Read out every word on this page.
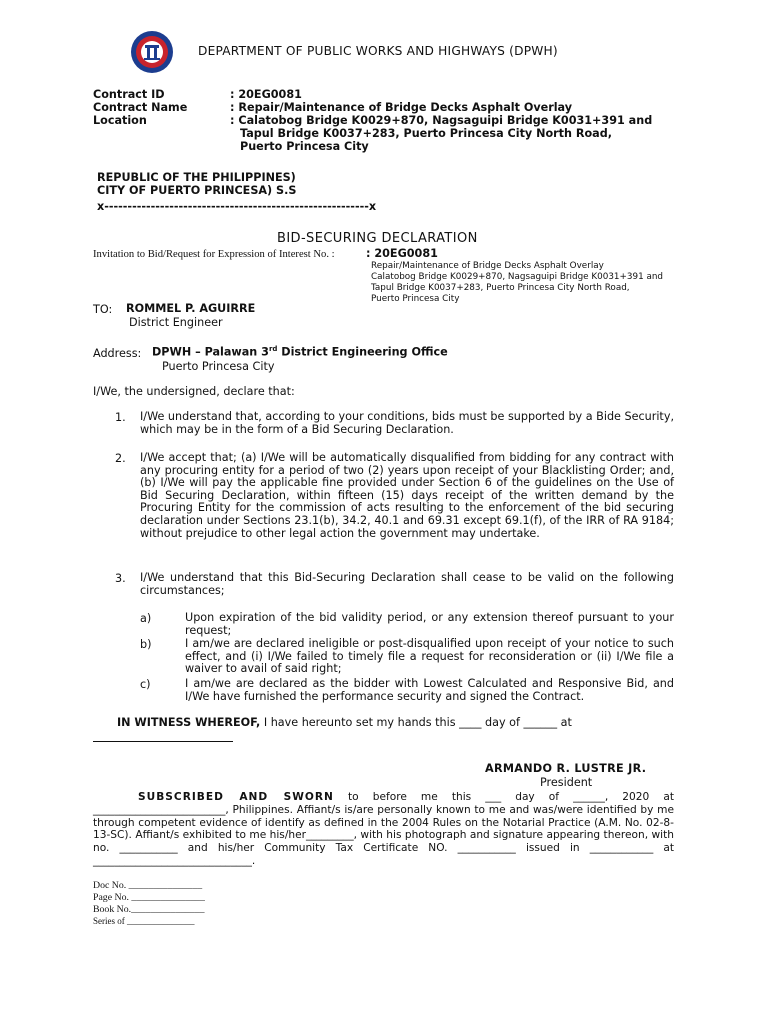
DEPARTMENT OF PUBLIC WORKS AND HIGHWAYS (DPWH)
Contract ID	: 20EG0081
Contract Name	: Repair/Maintenance of Bridge Decks Asphalt Overlay
Location	: Calatobog Bridge K0029+870, Nagsaguipi Bridge K0031+391 and
Tapul Bridge K0037+283, Puerto Princesa City North Road,
Puerto Princesa City
REPUBLIC OF THE PHILIPPINES)
CITY OF PUERTO PRINCESA) S.S
x---------------------------------------------------------x
BID-SECURING DECLARATION
Invitation to Bid/Request for Expression of Interest No. :	: 20EG0081
Repair/Maintenance of Bridge Decks Asphalt Overlay
Calatobog Bridge K0029+870, Nagsaguipi Bridge K0031+391 and
Tapul Bridge K0037+283, Puerto Princesa City North Road,
Puerto Princesa City
TO: ROMMEL P. AGUIRRE
District Engineer
Address: DPWH – Palawan 3rd District Engineering Office
Puerto Princesa City
I/We, the undersigned, declare that:
1. I/We understand that, according to your conditions, bids must be supported by a Bide Security, which may be in the form of a Bid Securing Declaration.
2. I/We accept that; (a) I/We will be automatically disqualified from bidding for any contract with any procuring entity for a period of two (2) years upon receipt of your Blacklisting Order; and, (b) I/We will pay the applicable fine provided under Section 6 of the guidelines on the Use of Bid Securing Declaration, within fifteen (15) days receipt of the written demand by the Procuring Entity for the commission of acts resulting to the enforcement of the bid securing declaration under Sections 23.1(b), 34.2, 40.1 and 69.31 except 69.1(f), of the IRR of RA 9184; without prejudice to other legal action the government may undertake.
3. I/We understand that this Bid-Securing Declaration shall cease to be valid on the following circumstances;
a)	Upon expiration of the bid validity period, or any extension thereof pursuant to your request;
b)	I am/we are declared ineligible or post-disqualified upon receipt of your notice to such effect, and (i) I/We failed to timely file a request for reconsideration or (ii) I/We file a waiver to avail of said right;
c)	I am/we are declared as the bidder with Lowest Calculated and Responsive Bid, and I/We have furnished the performance security and signed the Contract.
IN WITNESS WHEREOF, I have hereunto set my hands this ____ day of ______ at
ARMANDO R. LUSTRE JR.
President
SUBSCRIBED AND SWORN to before me this ___ day of ______, 2020 at _________________________, Philippines. Affiant/s is/are personally known to me and was/were identified by me through competent evidence of identify as defined in the 2004 Rules on the Notarial Practice (A.M. No. 02-8-13-SC). Affiant/s exhibited to me his/her_________, with his photograph and signature appearing thereon, with no. ___________ and his/her Community Tax Certificate NO. ___________ issued in ____________ at ______________________________.
Doc No. _______________
Page No. _______________
Book No._______________
Series of _______________
